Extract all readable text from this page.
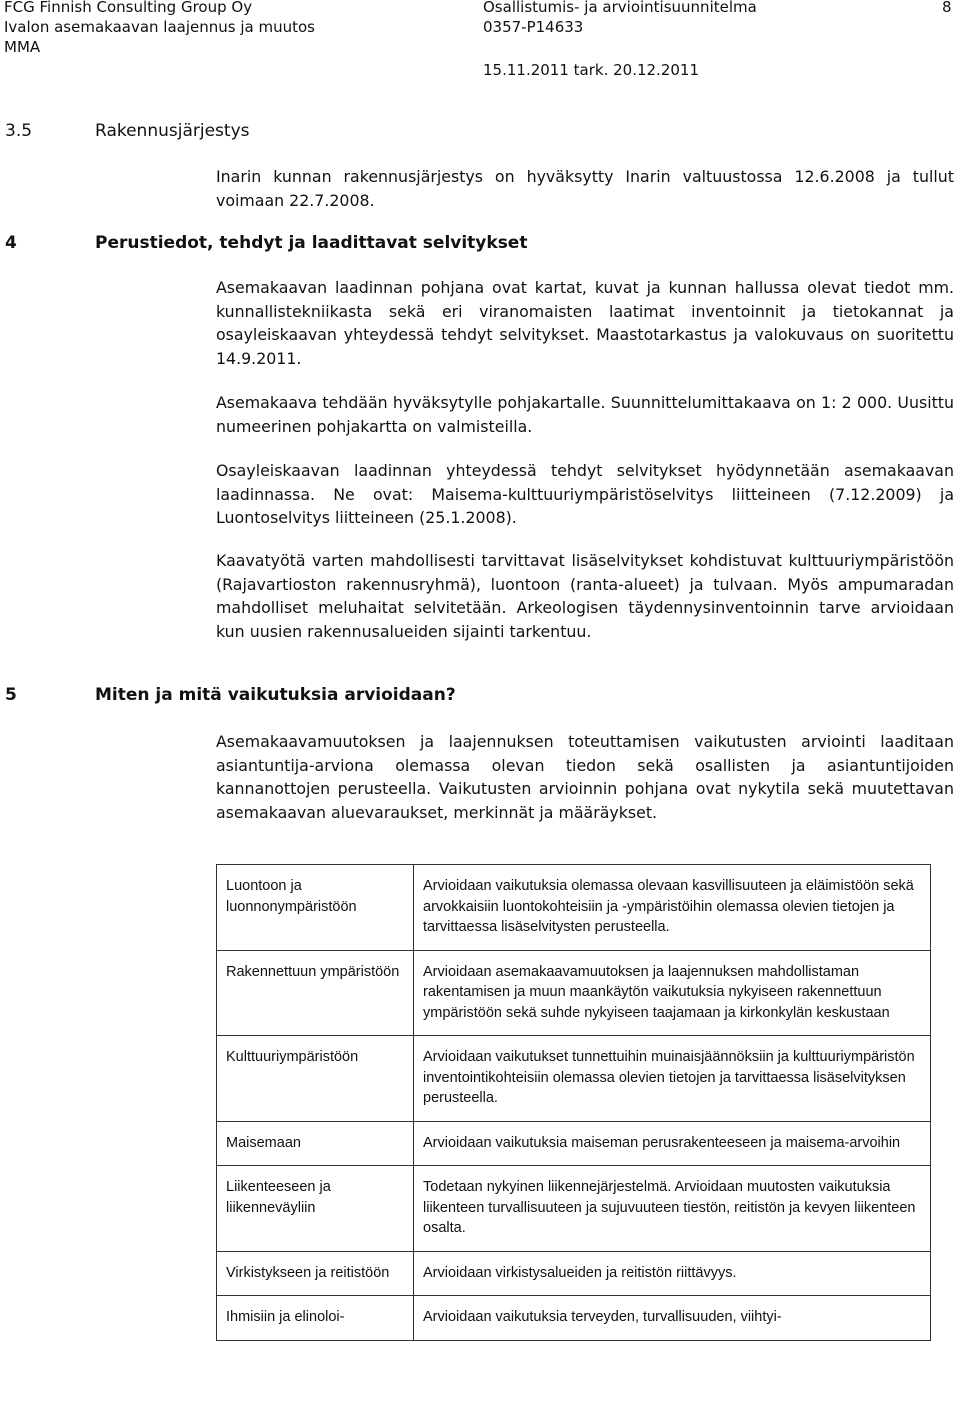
FCG Finnish Consulting Group Oy
Ivalon asemakaavan laajennus ja muutos
MMA
Osallistumis- ja arviointisuunnitelma
0357-P14633
8
15.11.2011 tark. 20.12.2011
3.5	Rakennusjärjestys
Inarin kunnan rakennusjärjestys on hyväksytty Inarin valtuustossa 12.6.2008 ja tullut voimaan 22.7.2008.
4	Perustiedot, tehdyt ja laadittavat selvitykset
Asemakaavan laadinnan pohjana ovat kartat, kuvat ja kunnan hallussa olevat tiedot mm. kunnallistekniikasta sekä eri viranomaisten laatimat inventoinnit ja tietokannat ja osayleiskaavan yhteydessä tehdyt selvitykset. Maastotarkastus ja valokuvaus on suoritettu 14.9.2011.
Asemakaava tehdään hyväksytylle pohjakartalle. Suunnittelumittakaava on 1: 2 000. Uusittu numeerinen pohjakartta on valmisteilla.
Osayleiskaavan laadinnan yhteydessä tehdyt selvitykset hyödynnetään asemakaavan laadinnassa. Ne ovat: Maisema-kulttuuriympäristöselvitys liitteineen (7.12.2009) ja Luontoselvitys liitteineen (25.1.2008).
Kaavatyötä varten mahdollisesti tarvittavat lisäselvitykset kohdistuvat kulttuuriympäristöön (Rajavartioston rakennusryhmä), luontoon (ranta-alueet) ja tulvaan. Myös ampumaradan mahdolliset meluhaitat selvitetään. Arkeologisen täydennysinventoinnin tarve arvioidaan kun uusien rakennusalueiden sijainti tarkentuu.
5	Miten ja mitä vaikutuksia arvioidaan?
Asemakaavamuutoksen ja laajennuksen toteuttamisen vaikutusten arviointi laaditaan asiantuntija-arviona olemassa olevan tiedon sekä osallisten ja asiantuntijoiden kannanottojen perusteella. Vaikutusten arvioinnin pohjana ovat nykytila sekä muutettavan asemakaavan aluevaraukset, merkinnät ja määräykset.
Luontoon ja luonnonympäristöön	Arvioidaan vaikutuksia olemassa olevaan kasvillisuuteen ja eläimistöön sekä arvokkaisiin luontokohteisiin ja -ympäristöihin olemassa olevien tietojen ja tarvittaessa lisäselvitysten perusteella.
Rakennettuun ympäristöön	Arvioidaan asemakaavamuutoksen ja laajennuksen mahdollistaman rakentamisen ja muun maankäytön vaikutuksia nykyiseen rakennettuun ympäristöön sekä suhde nykyiseen taajamaan ja kirkonkylän keskustaan
Kulttuuriympäristöön	Arvioidaan vaikutukset tunnettuihin muinaisjäännöksiin ja kulttuuriympäristön inventointikohteisiin olemassa olevien tietojen ja tarvittaessa lisäselvityksen perusteella.
Maisemaan	Arvioidaan vaikutuksia maiseman perusrakenteeseen ja maisema-arvoihin
Liikenteeseen ja liikenneväyliin	Todetaan nykyinen liikennejärjestelmä. Arvioidaan muutosten vaikutuksia liikenteen turvallisuuteen ja sujuvuuteen tiestön, reitistön ja kevyen liikenteen osalta.
Virkistykseen ja reitistöön	Arvioidaan virkistysalueiden ja reitistön riittävyys.
Ihmisiin ja elinoloi-	Arvioidaan vaikutuksia terveyden, turvallisuuden, viihtyi-
